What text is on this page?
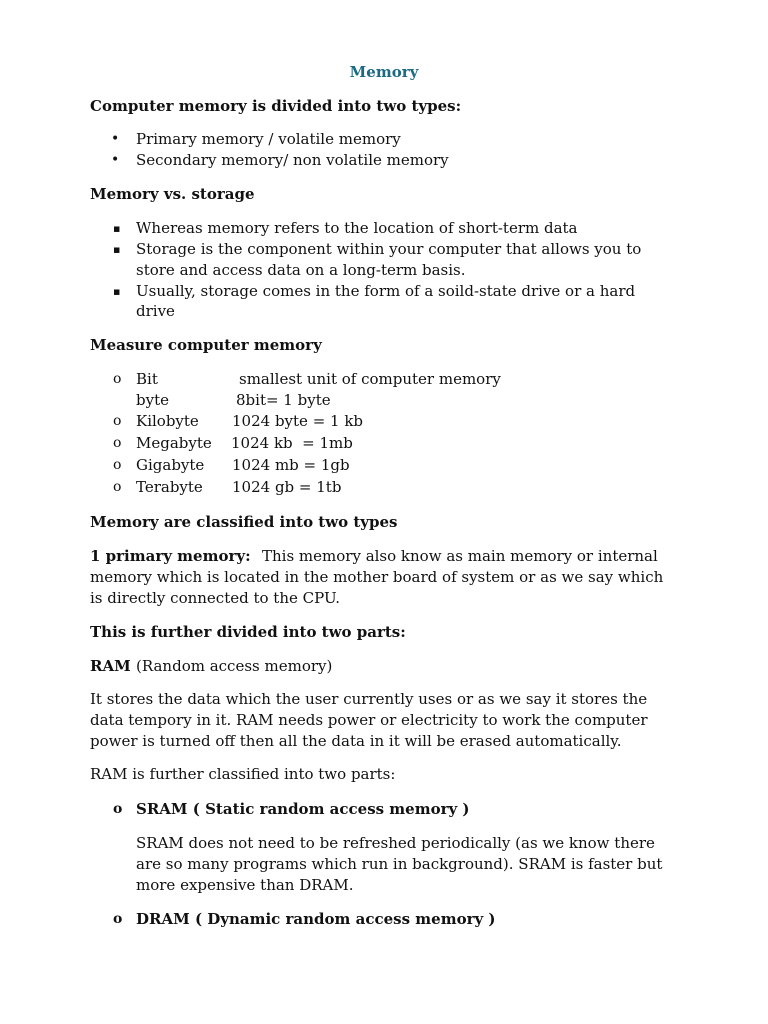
Memory
Computer memory is divided into two types:
• Primary memory / volatile memory
• Secondary memory/ non volatile memory
Memory vs. storage
▪ Whereas memory refers to the location of short-term data
▪ Storage is the component within your computer that allows you to
store and access data on a long-term basis.
▪ Usually, storage comes in the form of a soild-state drive or a hard
drive
Measure computer memory
o Bit	smallest unit of computer memory
byte	8bit= 1 byte
o Kilobyte 1024 byte = 1 kb
o Megabyte 1024 kb  = 1mb
o Gigabyte 1024 mb = 1gb
o Terabyte 1024 gb = 1tb
Memory are classified into two types
1 primary memory: This memory also know as main memory or internal
memory which is located in the mother board of system or as we say which
is directly connected to the CPU.
This is further divided into two parts:
RAM (Random access memory)
It stores the data which the user currently uses or as we say it stores the
data tempory in it. RAM needs power or electricity to work the computer
power is turned off then all the data in it will be erased automatically.
RAM is further classified into two parts:
o SRAM ( Static random access memory )
SRAM does not need to be refreshed periodically (as we know there
are so many programs which run in background). SRAM is faster but
more expensive than DRAM.
o DRAM ( Dynamic random access memory )
